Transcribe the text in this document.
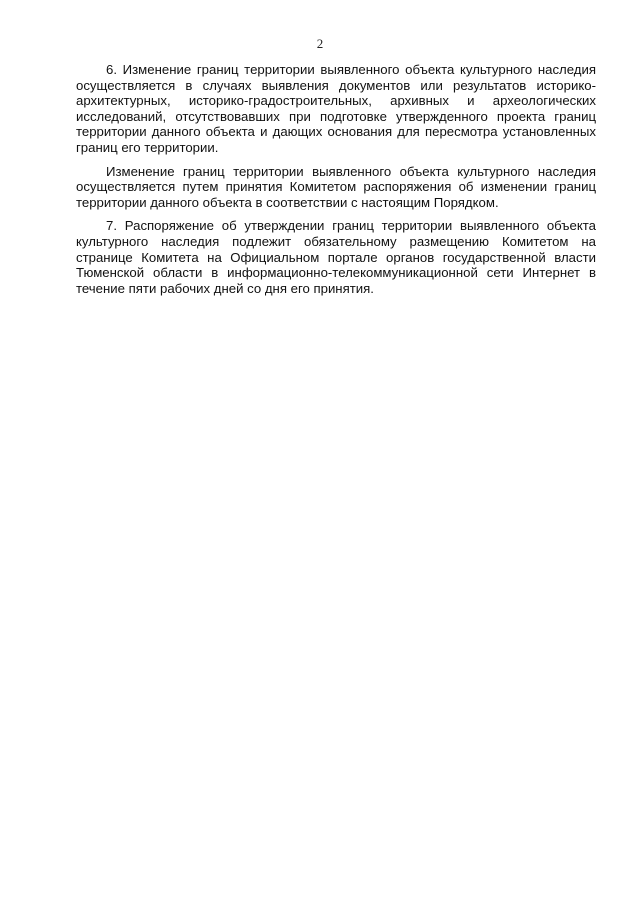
2

6. Изменение границ территории выявленного объекта культурного наследия осуществляется в случаях выявления документов или результатов историко-архитектурных, историко-градостроительных, архивных и археологических исследований, отсутствовавших при подготовке утвержденного проекта границ территории данного объекта и дающих основания для пересмотра установленных границ его территории.

Изменение границ территории выявленного объекта культурного наследия осуществляется путем принятия Комитетом распоряжения об изменении границ территории данного объекта в соответствии с настоящим Порядком.

7. Распоряжение об утверждении границ территории выявленного объекта культурного наследия подлежит обязательному размещению Комитетом на странице Комитета на Официальном портале органов государственной власти Тюменской области в информационно-телекоммуникационной сети Интернет в течение пяти рабочих дней со дня его принятия.
